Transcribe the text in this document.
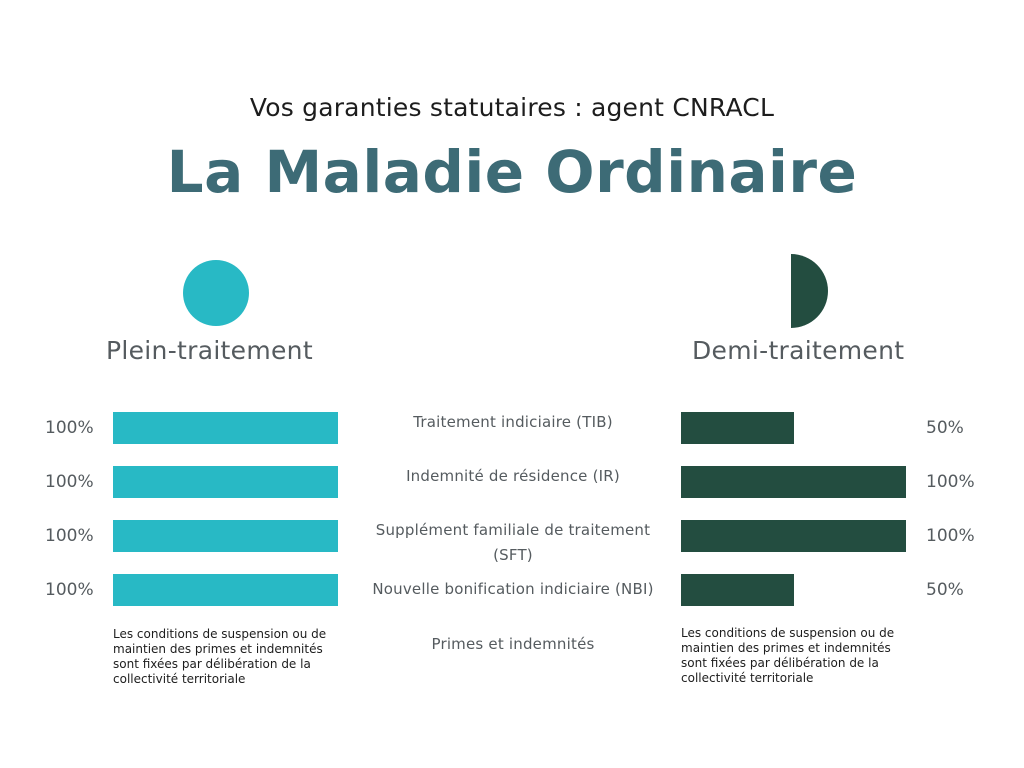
Vos garanties statutaires : agent CNRACL
La Maladie Ordinaire
Plein-traitement	Demi-traitement
Traitement indiciaire (TIB)
Indemnité de résidence (IR)
Supplément familiale de traitement (SFT)
Nouvelle bonification indiciaire (NBI)
Primes et indemnités
100%
100%
100%
100%
50%
100%
100%
50%
Les conditions de suspension ou de maintien des primes et indemnités sont fixées par délibération de la collectivité territoriale
Les conditions de suspension ou de maintien des primes et indemnités sont fixées par délibération de la collectivité territoriale
